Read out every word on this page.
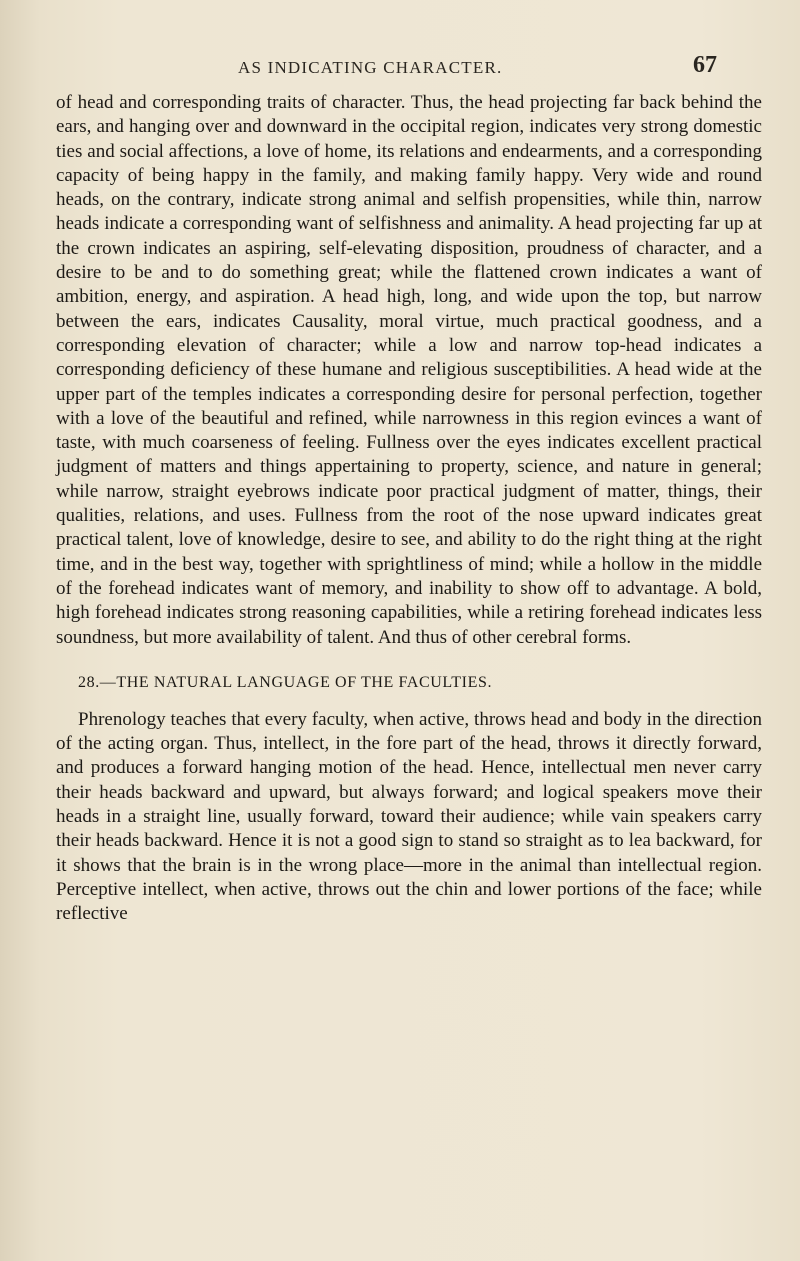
AS INDICATING CHARACTER.	67

of head and corresponding traits of character. Thus, the head projecting far back behind the ears, and hanging over and downward in the occipital region, indicates very strong domestic ties and social affections, a love of home, its relations and endearments, and a corresponding capacity of being happy in the family, and making family happy. Very wide and round heads, on the contrary, indicate strong animal and selfish propensities, while thin, narrow heads indicate a corresponding want of selfishness and animality. A head projecting far up at the crown indicates an aspiring, self-elevating disposition, proudness of character, and a desire to be and to do something great; while the flattened crown indicates a want of ambition, energy, and aspiration. A head high, long, and wide upon the top, but narrow between the ears, indicates Causality, moral virtue, much practical goodness, and a corresponding elevation of character; while a low and narrow top-head indicates a corresponding deficiency of these humane and religious susceptibilities. A head wide at the upper part of the temples indicates a corresponding desire for personal perfection, together with a love of the beautiful and refined, while narrowness in this region evinces a want of taste, with much coarseness of feeling. Fullness over the eyes indicates excellent practical judgment of matters and things appertaining to property, science, and nature in general; while narrow, straight eyebrows indicate poor practical judgment of matter, things, their qualities, relations, and uses. Fullness from the root of the nose upward indicates great practical talent, love of knowledge, desire to see, and ability to do the right thing at the right time, and in the best way, together with sprightliness of mind; while a hollow in the middle of the forehead indicates want of memory, and inability to show off to advantage. A bold, high forehead indicates strong reasoning capabilities, while a retiring forehead indicates less soundness, but more availability of talent. And thus of other cerebral forms.

28.—THE NATURAL LANGUAGE OF THE FACULTIES.

Phrenology teaches that every faculty, when active, throws head and body in the direction of the acting organ. Thus, intellect, in the fore part of the head, throws it directly forward, and produces a forward hanging motion of the head. Hence, intellectual men never carry their heads backward and upward, but always forward; and logical speakers move their heads in a straight line, usually forward, toward their audience; while vain speakers carry their heads backward. Hence it is not a good sign to stand so straight as to lea backward, for it shows that the brain is in the wrong place—more in the animal than intellectual region. Perceptive intellect, when active, throws out the chin and lower portions of the face; while reflective
